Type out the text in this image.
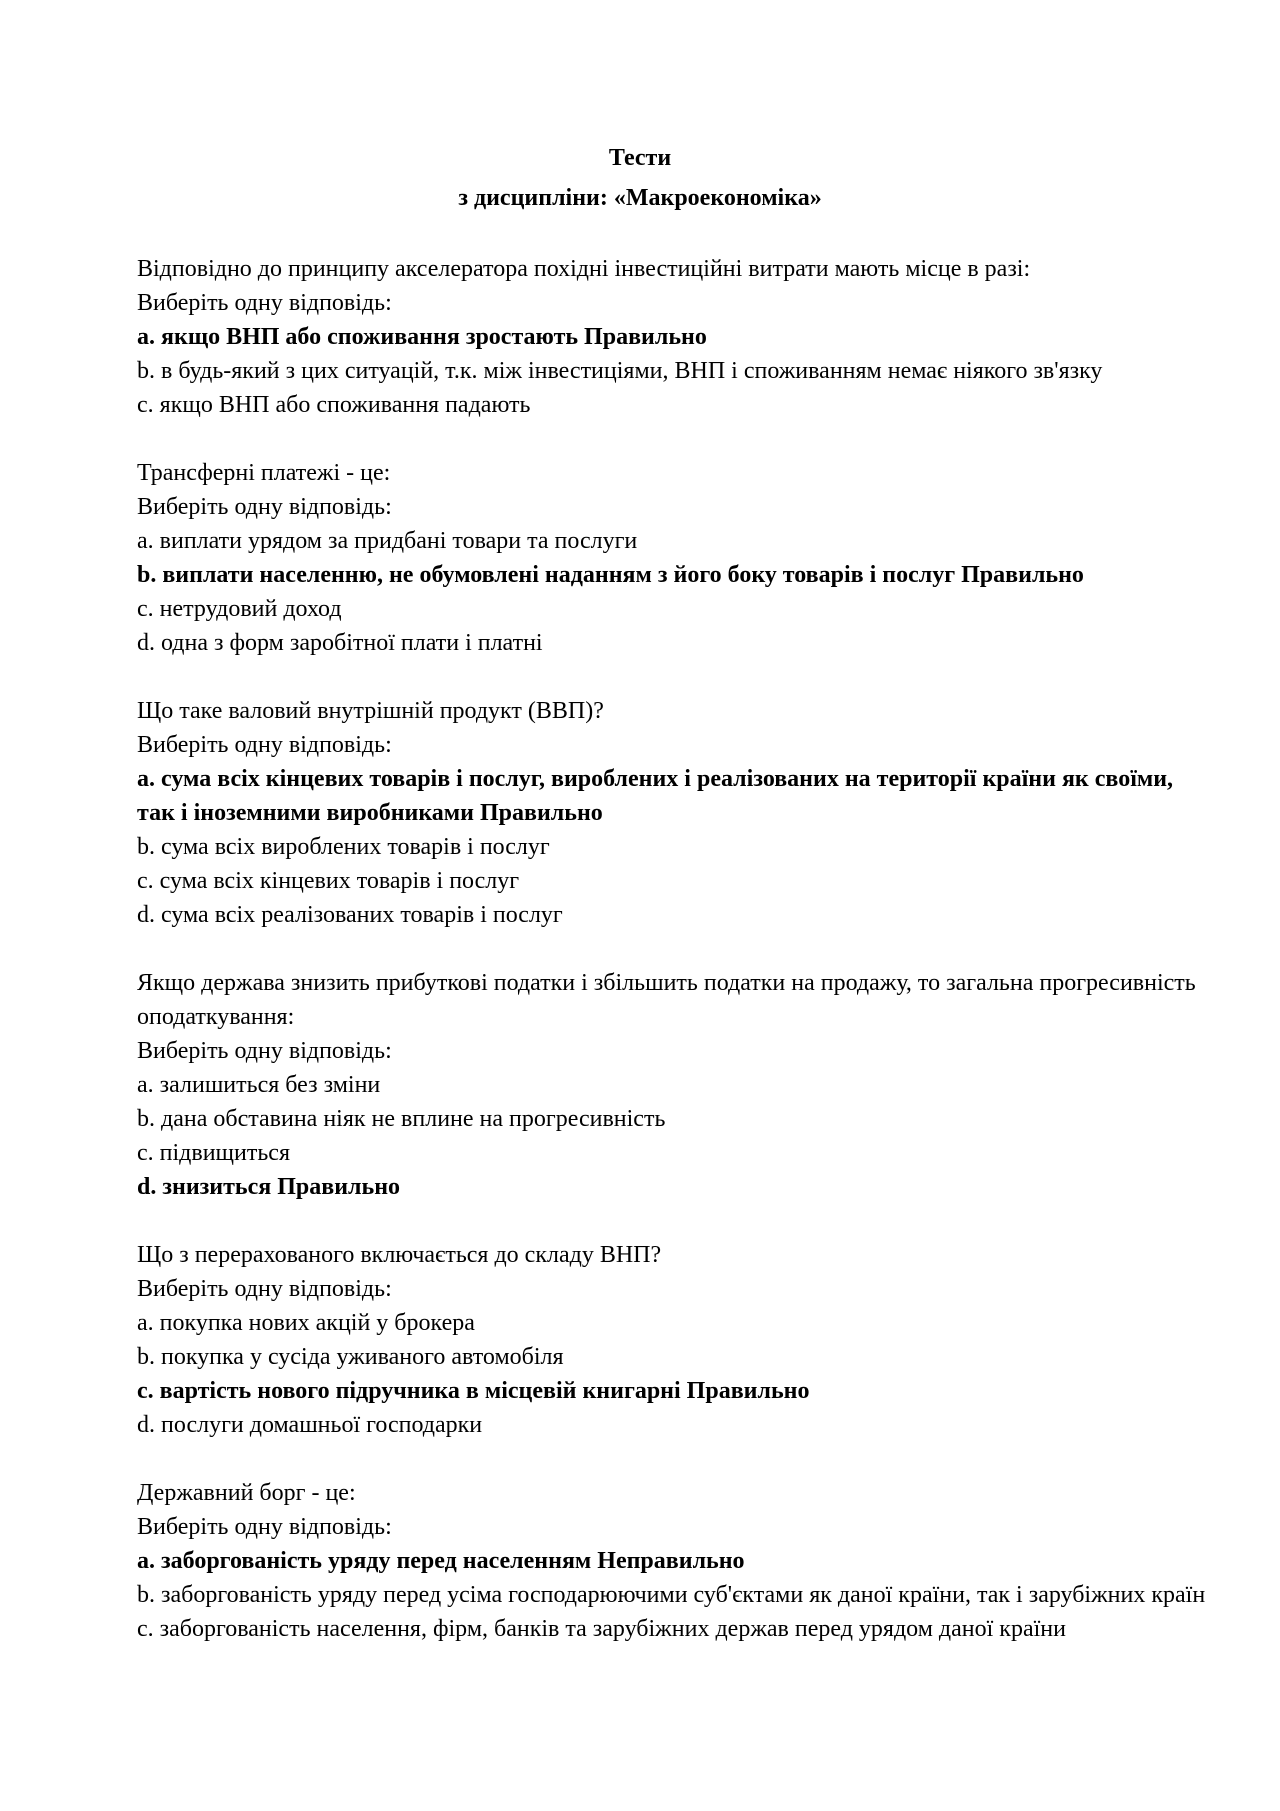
Тести
з дисципліни: «Макроекономіка»
Відповідно до принципу акселератора похідні інвестиційні витрати мають місце в разі:
Виберіть одну відповідь:
a. якщо ВНП або споживання зростають Правильно
b. в будь-який з цих ситуацій, т.к. між інвестиціями, ВНП і споживанням немає ніякого зв'язку
c. якщо ВНП або споживання падають
Трансферні платежі - це:
Виберіть одну відповідь:
a. виплати урядом за придбані товари та послуги
b. виплати населенню, не обумовлені наданням з його боку товарів і послуг Правильно
c. нетрудовий доход
d. одна з форм заробітної плати і платні
Що таке валовий внутрішній продукт (ВВП)?
Виберіть одну відповідь:
a. сума всіх кінцевих товарів і послуг, вироблених і реалізованих на території країни як своїми, так і іноземними виробниками Правильно
b. сума всіх вироблених товарів і послуг
c. сума всіх кінцевих товарів і послуг
d. сума всіх реалізованих товарів і послуг
Якщо держава знизить прибуткові податки і збільшить податки на продажу, то загальна прогресивність оподаткування:
Виберіть одну відповідь:
a. залишиться без зміни
b. дана обставина ніяк не вплине на прогресивність
c. підвищиться
d. знизиться Правильно
Що з перерахованого включається до складу ВНП?
Виберіть одну відповідь:
a. покупка нових акцій у брокера
b. покупка у сусіда уживаного автомобіля
c. вартість нового підручника в місцевій книгарні Правильно
d. послуги домашньої господарки
Державний борг - це:
Виберіть одну відповідь:
a. заборгованість уряду перед населенням Неправильно
b. заборгованість уряду перед усіма господарюючими суб'єктами як даної країни, так і зарубіжних країн
c. заборгованість населення, фірм, банків та зарубіжних держав перед урядом даної країни
